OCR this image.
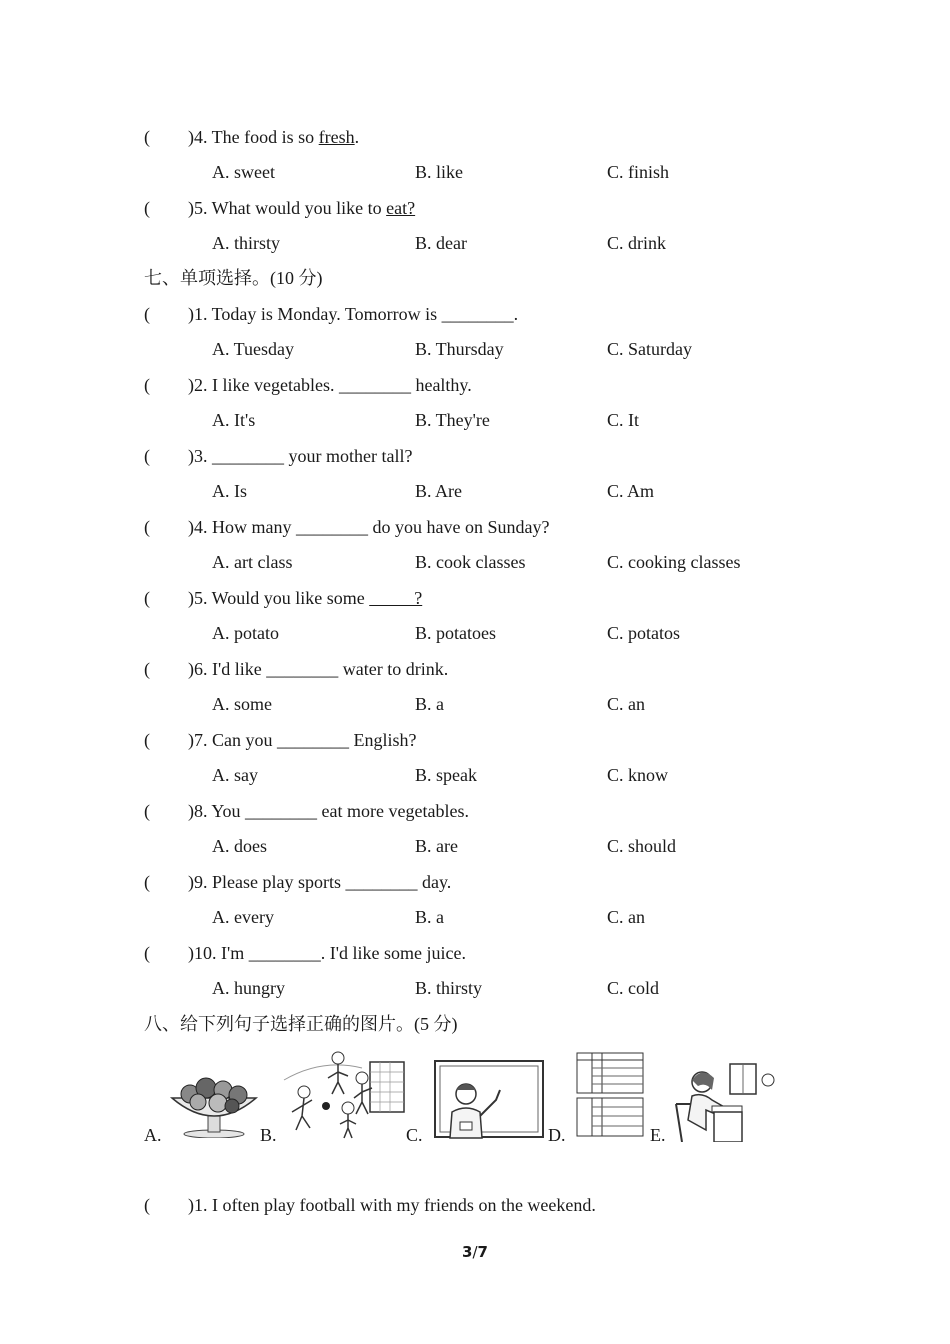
( )4. The food is so fresh.
A. sweet	B. like	C. finish
( )5. What would you like to eat?
A. thirsty	B. dear	C. drink
七、单项选择。(10 分)
( )1. Today is Monday. Tomorrow is ________.
A. Tuesday	B. Thursday	C. Saturday
( )2. I like vegetables. ________ healthy.
A. It's	B. They're	C. It
( )3. ________ your mother tall?
A. Is	B. Are	C. Am
( )4. How many ________ do you have on Sunday?
A. art class	B. cook classes	C. cooking classes
( )5. Would you like some           ?
A. potato	B. potatoes	C. potatos
( )6. I'd like ________ water to drink.
A. some	B. a	C. an
( )7. Can you ________ English?
A. say	B. speak	C. know
( )8. You ________ eat more vegetables.
A. does	B. are	C. should
( )9. Please play sports ________ day.
A. every	B. a	C. an
( )10. I'm ________. I'd like some juice.
A. hungry	B. thirsty	C. cold
八、给下列句子选择正确的图片。(5 分)
A.	B.	C.	D.	E.
( )1. I often play football with my friends on the weekend.
3/7
